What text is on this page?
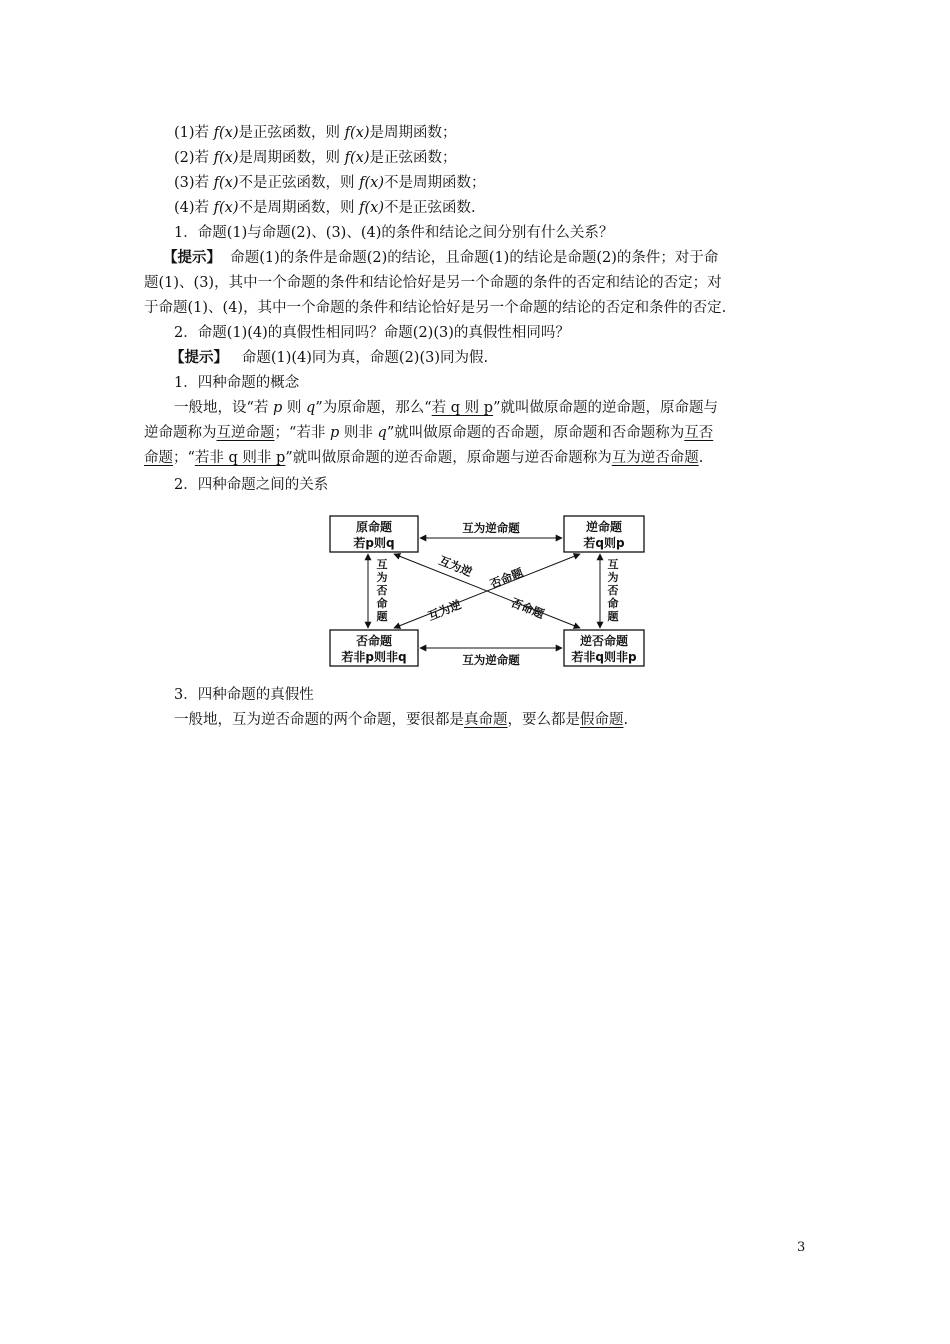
(1)若 f(x)是正弦函数，则 f(x)是周期函数；
(2)若 f(x)是周期函数，则 f(x)是正弦函数；
(3)若 f(x)不是正弦函数，则 f(x)不是周期函数；
(4)若 f(x)不是周期函数，则 f(x)不是正弦函数.
1．命题(1)与命题(2)、(3)、(4)的条件和结论之间分别有什么关系？
【提示】 命题(1)的条件是命题(2)的结论，且命题(1)的结论是命题(2)的条件；对于命
题(1)、(3)，其中一个命题的条件和结论恰好是另一个命题的条件的否定和结论的否定；对
于命题(1)、(4)，其中一个命题的条件和结论恰好是另一个命题的结论的否定和条件的否定.
2．命题(1)(4)的真假性相同吗？命题(2)(3)的真假性相同吗？
【提示】 命题(1)(4)同为真，命题(2)(3)同为假.
1．四种命题的概念
一般地，设“若 p 则 q”为原命题，那么“若 q 则 p”就叫做原命题的逆命题，原命题与
逆命题称为互逆命题；“若非 p 则非 q”就叫做原命题的否命题，原命题和否命题称为互否
命题；“若非 q 则非 p”就叫做原命题的逆否命题，原命题与逆否命题称为互为逆否命题.
2．四种命题之间的关系
原命题
若p则q
逆命题
若q则p
否命题
若非p则非q
逆否命题
若非q则非p
互为逆命题
互为逆命题
互
为
否
命
题
互
为
否
命
题
互为逆 否命题
互为逆	否命题
3．四种命题的真假性
一般地，互为逆否命题的两个命题，要很都是真命题，要么都是假命题.
3
